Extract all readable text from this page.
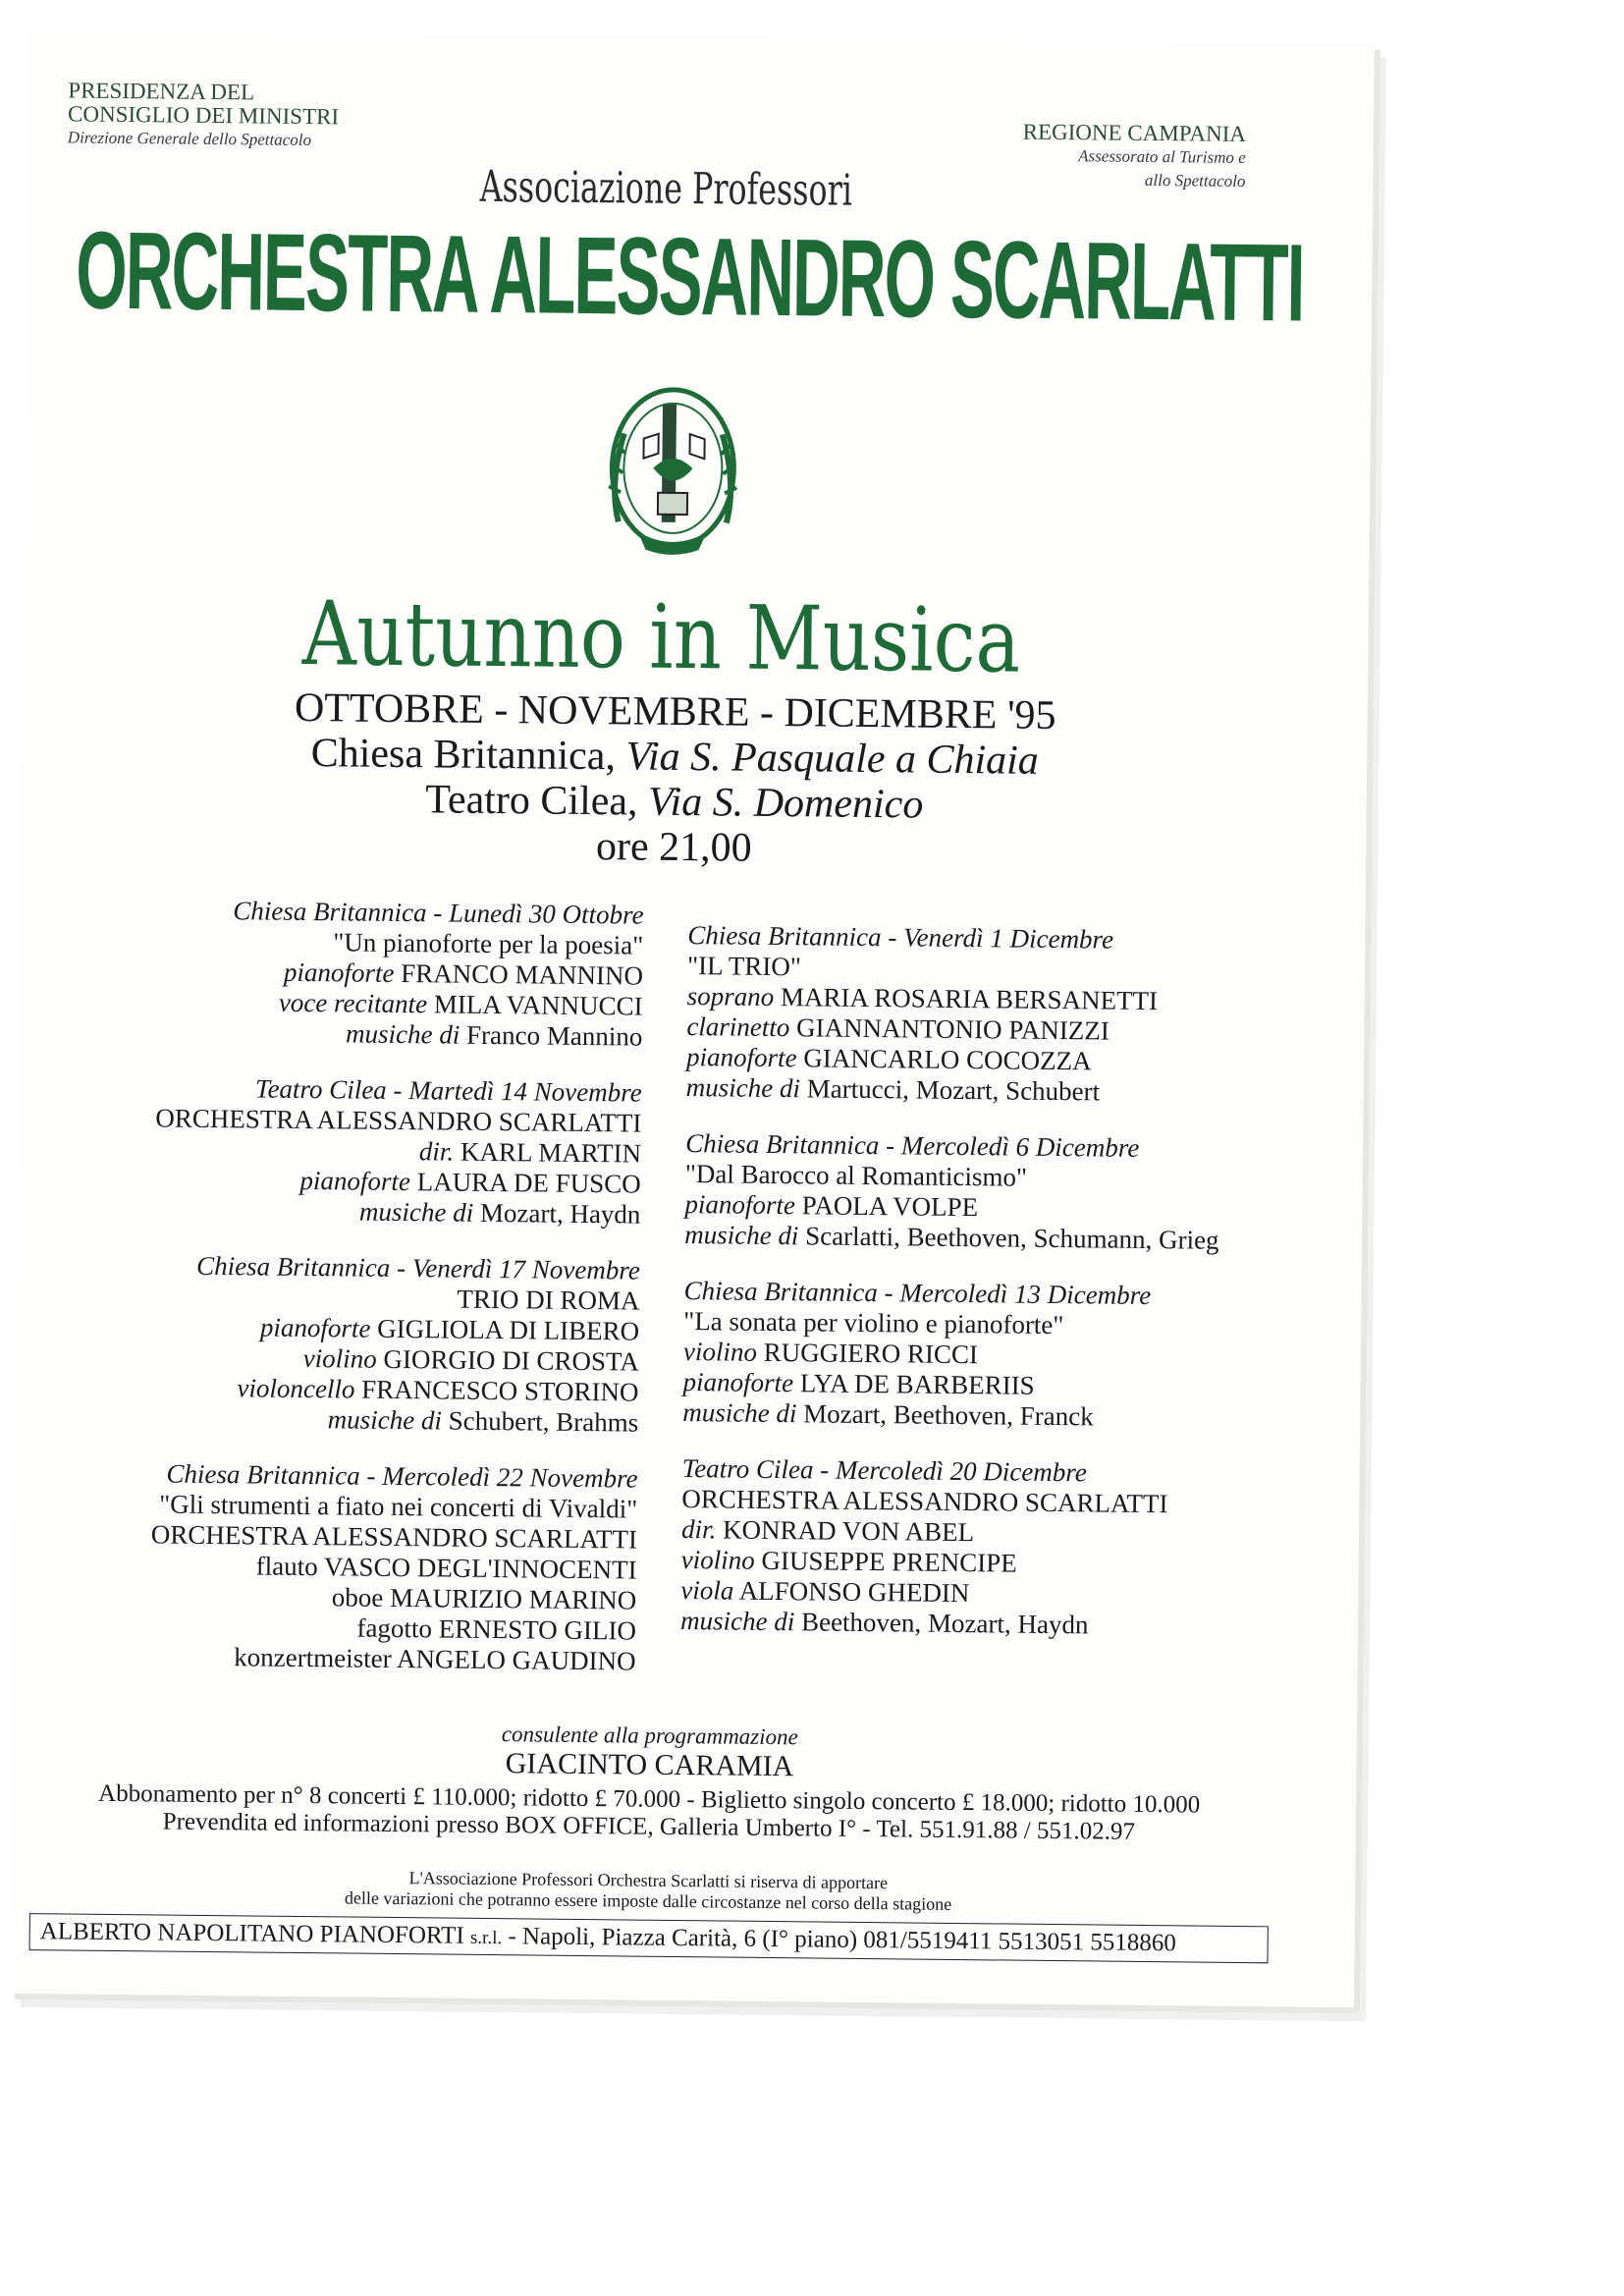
PRESIDENZA DEL
CONSIGLIO DEI MINISTRI
Direzione Generale dello Spettacolo	REGIONE CAMPANIA
Assessorato al Turismo e
allo Spettacolo
Associazione Professori
ORCHESTRA ALESSANDRO SCARLATTI
Autunno in Musica
OTTOBRE - NOVEMBRE - DICEMBRE '95
Chiesa Britannica, Via S. Pasquale a Chiaia
Teatro Cilea, Via S. Domenico
ore 21,00
Chiesa Britannica - Lunedì 30 Ottobre
"Un pianoforte per la poesia"
pianoforte FRANCO MANNINO
voce recitante MILA VANNUCCI
musiche di Franco Mannino
Teatro Cilea - Martedì 14 Novembre
ORCHESTRA ALESSANDRO SCARLATTI
dir. KARL MARTIN
pianoforte LAURA DE FUSCO
musiche di Mozart, Haydn
Chiesa Britannica - Venerdì 17 Novembre
TRIO DI ROMA
pianoforte GIGLIOLA DI LIBERO
violino GIORGIO DI CROSTA
violoncello FRANCESCO STORINO
musiche di Schubert, Brahms
Chiesa Britannica - Mercoledì 22 Novembre
"Gli strumenti a fiato nei concerti di Vivaldi"
ORCHESTRA ALESSANDRO SCARLATTI
flauto VASCO DEGL'INNOCENTI
oboe MAURIZIO MARINO
fagotto ERNESTO GILIO
konzertmeister ANGELO GAUDINO
Chiesa Britannica - Venerdì 1 Dicembre
"IL TRIO"
soprano MARIA ROSARIA BERSANETTI
clarinetto GIANNANTONIO PANIZZI
pianoforte GIANCARLO COCOZZA
musiche di Martucci, Mozart, Schubert
Chiesa Britannica - Mercoledì 6 Dicembre
"Dal Barocco al Romanticismo"
pianoforte PAOLA VOLPE
musiche di Scarlatti, Beethoven, Schumann, Grieg
Chiesa Britannica - Mercoledì 13 Dicembre
"La sonata per violino e pianoforte"
violino RUGGIERO RICCI
pianoforte LYA DE BARBERIIS
musiche di Mozart, Beethoven, Franck
Teatro Cilea - Mercoledì 20 Dicembre
ORCHESTRA ALESSANDRO SCARLATTI
dir. KONRAD VON ABEL
violino GIUSEPPE PRENCIPE
viola ALFONSO GHEDIN
musiche di Beethoven, Mozart, Haydn
consulente alla programmazione
GIACINTO CARAMIA
Abbonamento per n° 8 concerti £ 110.000; ridotto £ 70.000 - Biglietto singolo concerto £ 18.000; ridotto 10.000
Prevendita ed informazioni presso BOX OFFICE, Galleria Umberto I° - Tel. 551.91.88 / 551.02.97
L'Associazione Professori Orchestra Scarlatti si riserva di apportare
delle variazioni che potranno essere imposte dalle circostanze nel corso della stagione
ALBERTO NAPOLITANO PIANOFORTI s.r.l. - Napoli, Piazza Carità, 6 (I° piano) 081/5519411 5513051 5518860
